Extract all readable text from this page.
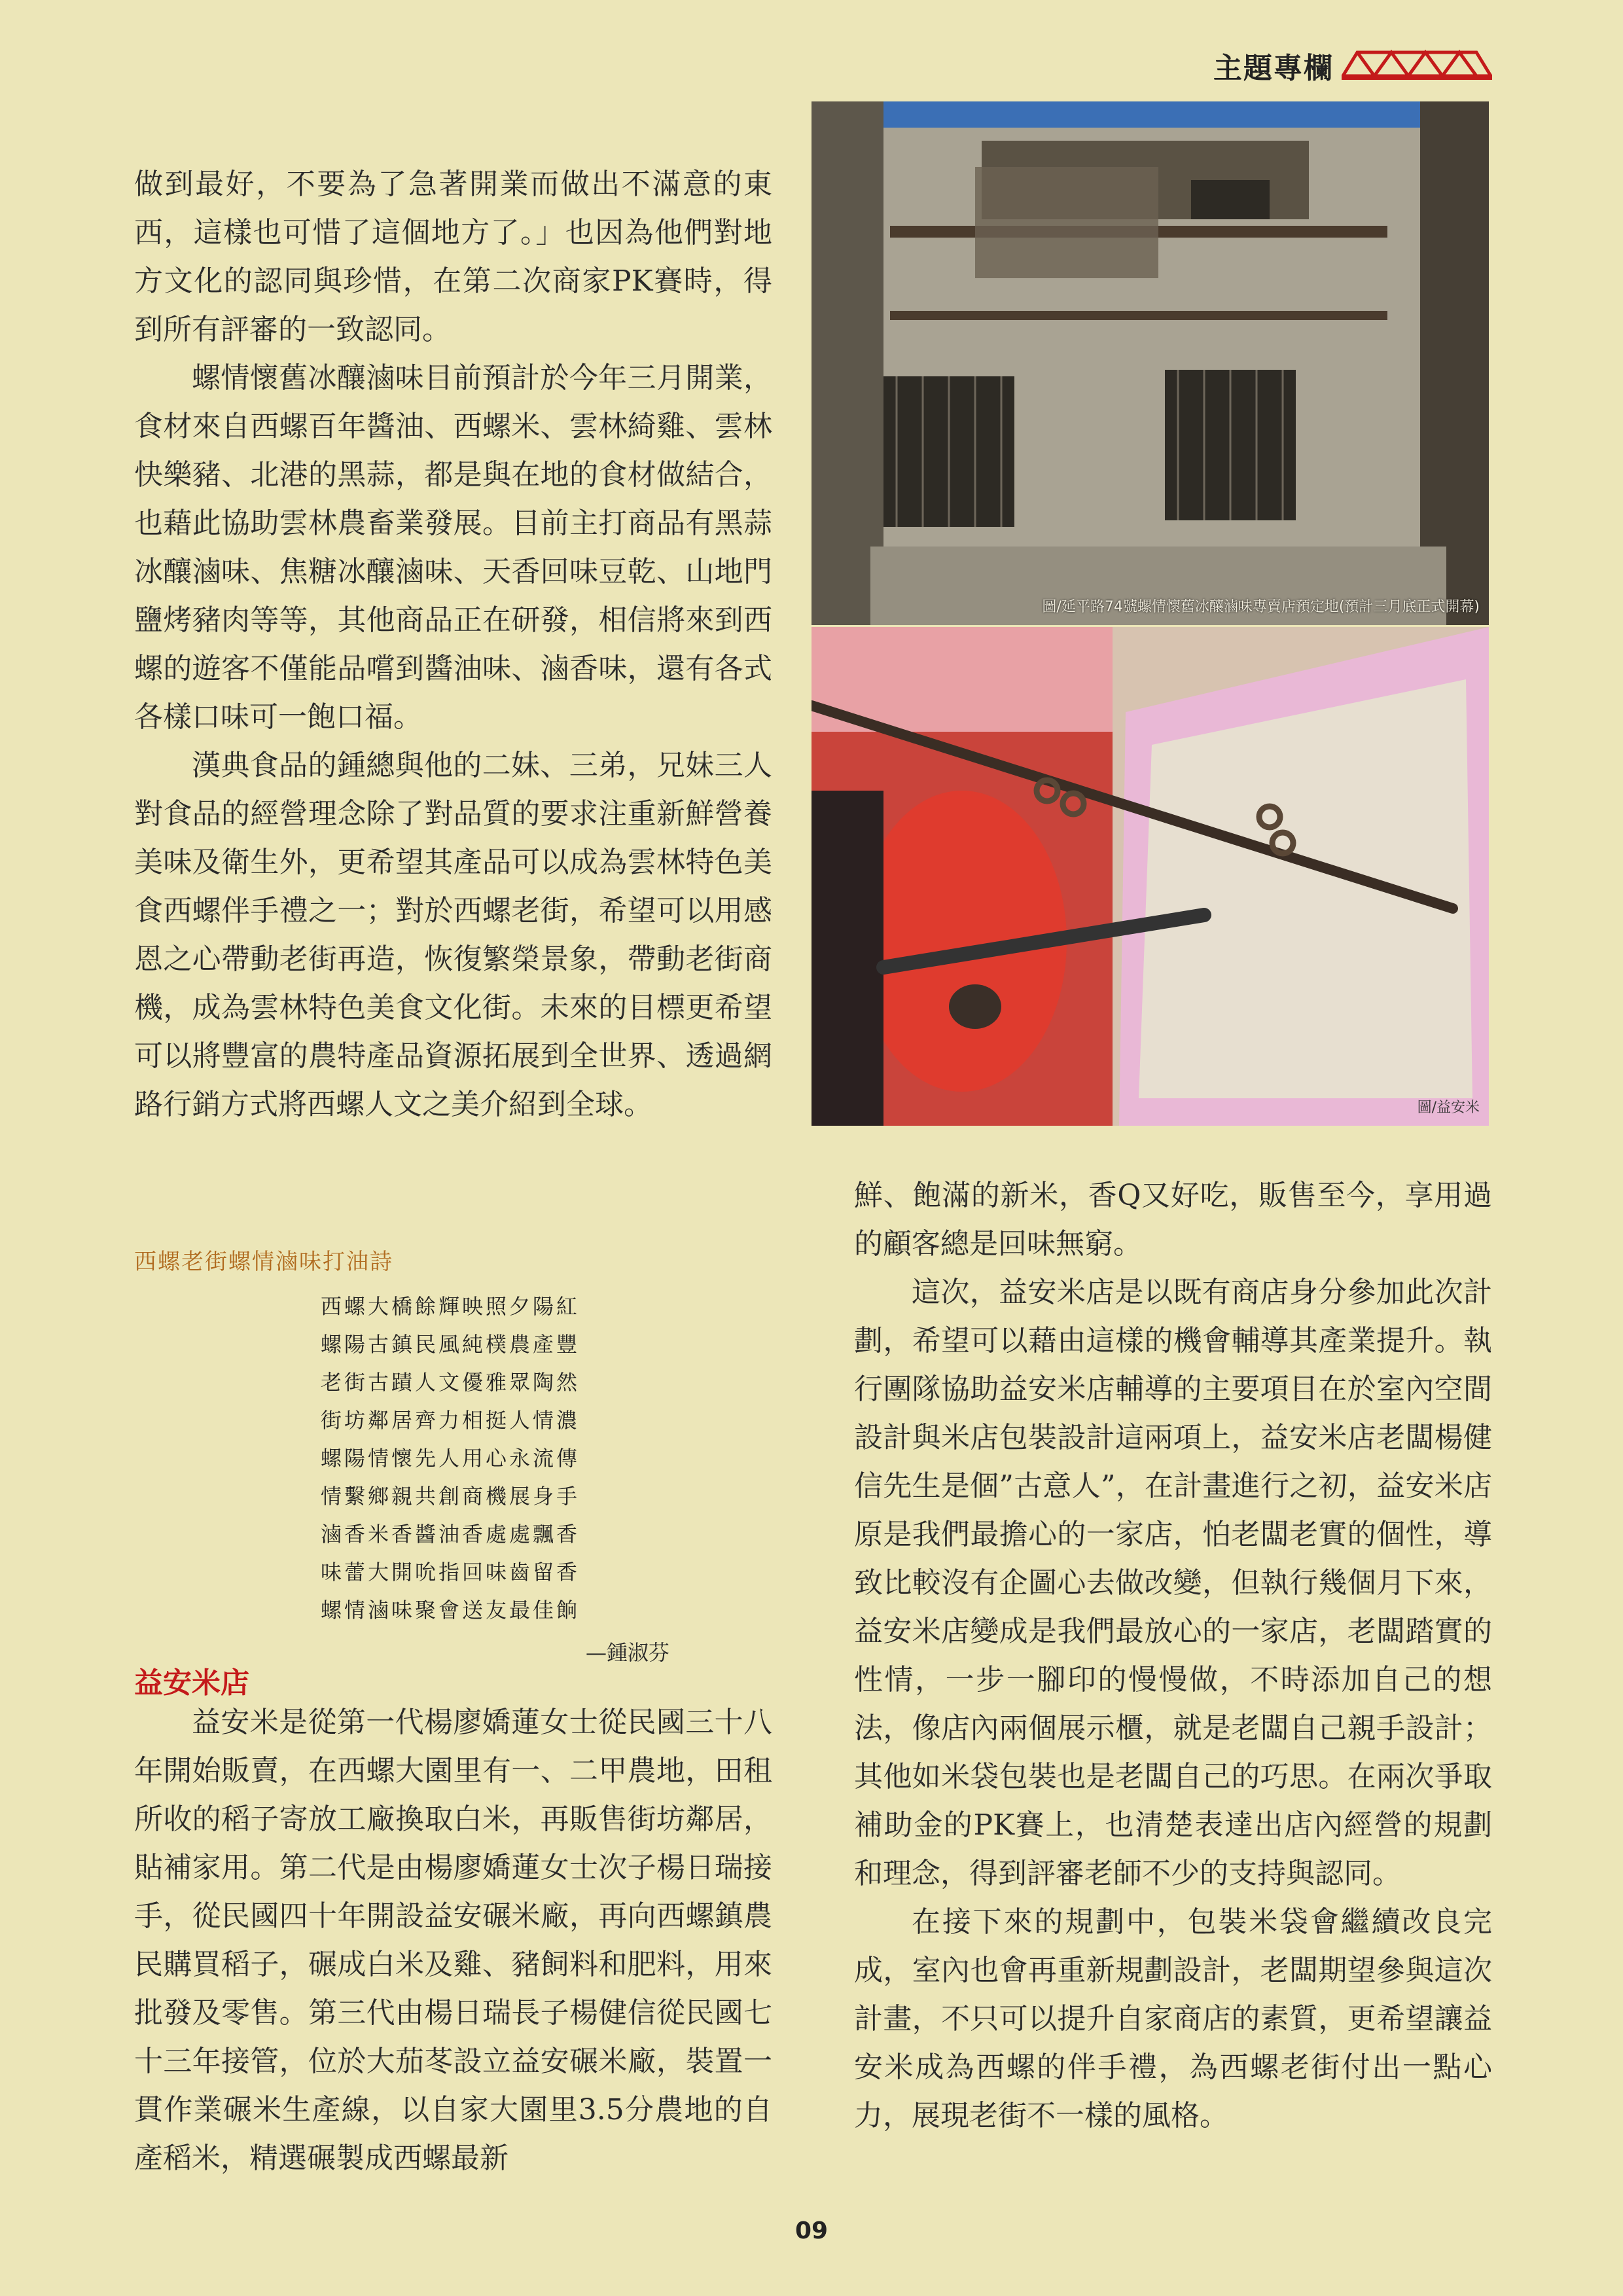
主題專欄

做到最好，不要為了急著開業而做出不滿意的東西，這樣也可惜了這個地方了。」也因為他們對地方文化的認同與珍惜，在第二次商家PK賽時，得到所有評審的一致認同。

螺情懷舊冰釀滷味目前預計於今年三月開業，食材來自西螺百年醬油、西螺米、雲林綺雞、雲林快樂豬、北港的黑蒜，都是與在地的食材做結合，也藉此協助雲林農畜業發展。目前主打商品有黑蒜冰釀滷味、焦糖冰釀滷味、天香回味豆乾、山地門鹽烤豬肉等等，其他商品正在研發，相信將來到西螺的遊客不僅能品嚐到醬油味、滷香味，還有各式各樣口味可一飽口福。

漢典食品的鍾總與他的二妹、三弟，兄妹三人對食品的經營理念除了對品質的要求注重新鮮營養美味及衛生外，更希望其產品可以成為雲林特色美食西螺伴手禮之一；對於西螺老街，希望可以用感恩之心帶動老街再造，恢復繁榮景象，帶動老街商機，成為雲林特色美食文化街。未來的目標更希望可以將豐富的農特產品資源拓展到全世界、透過網路行銷方式將西螺人文之美介紹到全球。

西螺老街螺情滷味打油詩
西螺大橋餘輝映照夕陽紅
螺陽古鎮民風純樸農產豐
老街古蹟人文優雅眾陶然
街坊鄰居齊力相挺人情濃
螺陽情懷先人用心永流傳
情繫鄉親共創商機展身手
滷香米香醬油香處處飄香
味蕾大開吮指回味齒留香
螺情滷味聚會送友最佳餉
—鍾淑芬
益安米店

益安米是從第一代楊廖嬌蓮女士從民國三十八年開始販賣，在西螺大園里有一、二甲農地，田租所收的稻子寄放工廠換取白米，再販售街坊鄰居，貼補家用。第二代是由楊廖嬌蓮女士次子楊日瑞接手，從民國四十年開設益安碾米廠，再向西螺鎮農民購買稻子，碾成白米及雞、豬飼料和肥料，用來批發及零售。第三代由楊日瑞長子楊健信從民國七十三年接管，位於大茄苳設立益安碾米廠，裝置一貫作業碾米生產線，以自家大園里3.5分農地的自產稻米，精選碾製成西螺最新

圖/延平路74號螺情懷舊冰釀滷味專賣店預定地(預計三月底正式開幕)
圖/益安米

鮮、飽滿的新米，香Q又好吃，販售至今，享用過的顧客總是回味無窮。

這次，益安米店是以既有商店身分參加此次計劃，希望可以藉由這樣的機會輔導其產業提升。執行團隊協助益安米店輔導的主要項目在於室內空間設計與米店包裝設計這兩項上，益安米店老闆楊健信先生是個”古意人”，在計畫進行之初，益安米店原是我們最擔心的一家店，怕老闆老實的個性，導致比較沒有企圖心去做改變，但執行幾個月下來，益安米店變成是我們最放心的一家店，老闆踏實的性情，一步一腳印的慢慢做，不時添加自己的想法，像店內兩個展示櫃，就是老闆自己親手設計；其他如米袋包裝也是老闆自己的巧思。在兩次爭取補助金的PK賽上，也清楚表達出店內經營的規劃和理念，得到評審老師不少的支持與認同。

在接下來的規劃中，包裝米袋會繼續改良完成，室內也會再重新規劃設計，老闆期望參與這次計畫，不只可以提升自家商店的素質，更希望讓益安米成為西螺的伴手禮，為西螺老街付出一點心力，展現老街不一樣的風格。

09
